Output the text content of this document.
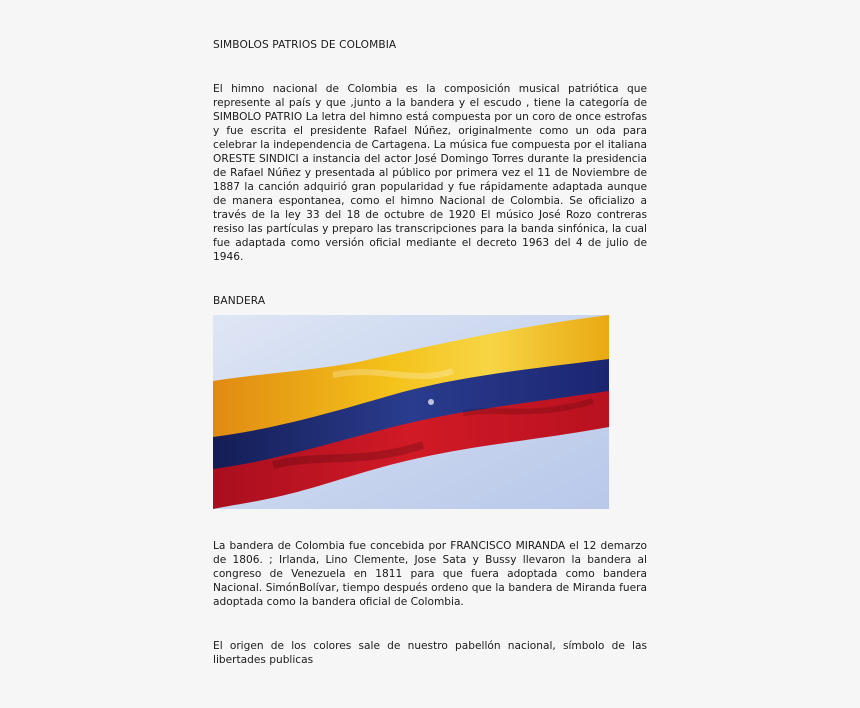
SIMBOLOS PATRIOS DE COLOMBIA

El himno nacional de Colombia es la composición musical patriótica que represente al país y que ,junto a la bandera y el escudo , tiene la categoría de SIMBOLO PATRIO La letra del himno está compuesta por un coro de once estrofas y fue escrita el presidente Rafael Núñez, originalmente como un oda para celebrar la independencia de Cartagena. La música fue compuesta por el italiana ORESTE SINDICI a instancia del actor José Domingo Torres durante la presidencia de Rafael Núñez y presentada al público por primera vez el 11 de Noviembre de 1887 la canción adquirió gran popularidad y fue rápidamente adaptada aunque de manera espontanea, como el himno Nacional de Colombia. Se oficializo a través de la ley 33 del 18 de octubre de 1920 El músico José Rozo contreras resiso las partículas y preparo las transcripciones para la banda sinfónica, la cual fue adaptada como versión oficial mediante el decreto 1963 del 4 de julio de 1946.

BANDERA

La bandera de Colombia fue concebida por FRANCISCO MIRANDA el 12 demarzo de 1806. ; Irlanda, Lino Clemente, Jose Sata y Bussy llevaron la bandera al congreso de Venezuela en 1811 para que fuera adoptada como bandera Nacional. SimónBolívar, tiempo después ordeno que la bandera de Miranda fuera adoptada como la bandera oficial de Colombia.

El origen de los colores sale de nuestro pabellón nacional, símbolo de las libertades publicas
